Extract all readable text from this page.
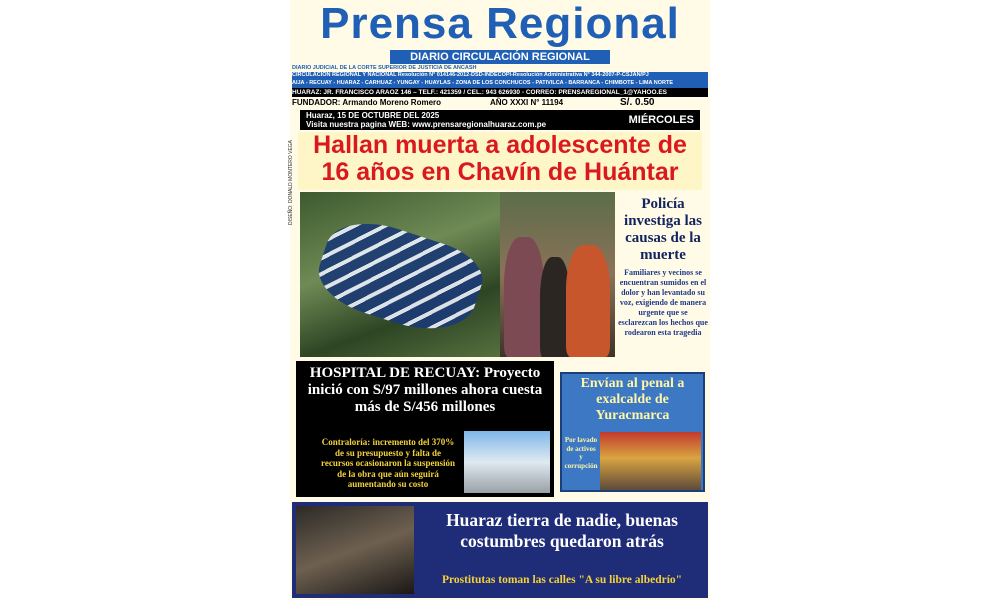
Prensa Regional
DIARIO CIRCULACIÓN REGIONAL
DIARIO JUDICIAL DE LA CORTE SUPERIOR DE JUSTICIA DE ANCASH
CIRCULACIÓN REGIONAL Y NACIONAL Resolución N° 014146-2012-DSD-INDECOPI-Resolución Administrativa N° 344-2007-P-CSJAN/PJ
AIJA - RECUAY - HUARAZ - CARHUAZ - YUNGAY - HUAYLAS - ZONA DE LOS CONCHUCOS - PATIVILCA - BARRANCA - CHIMBOTE - LIMA NORTE
HUARAZ: JR. FRANCISCO ARAOZ 146 – TELF.: 421359 / CEL.: 943 626930 - CORREO: PRENSAREGIONAL_1@YAHOO.ES
FUNDADOR: Armando Moreno Romero	AÑO XXXI N° 11194	S/. 0.50
Huaraz, 15 DE OCTUBRE DEL 2025
Visita nuestra pagina WEB: www.prensaregionalhuaraz.com.pe	MIÉRCOLES
Hallan muerta a adolescente de 16 años en Chavín de Huántar
DISEÑO: DONALD MONTERO VEGA	Policía investiga las causas de la muerte
Familiares y vecinos se encuentran sumidos en el dolor y han levantado su voz, exigiendo de manera urgente que se esclarezcan los hechos que rodearon esta tragedia
HOSPITAL DE RECUAY: Proyecto inició con S/97 millones ahora cuesta más de S/456 millones
Contraloría: incremento del 370% de su presupuesto y falta de recursos ocasionaron la suspensión de la obra que aún seguirá aumentando su costo
Envían al penal a exalcalde de Yuracmarca
Por lavado de activos y corrupción
Huaraz tierra de nadie, buenas costumbres quedaron atrás
Prostitutas toman las calles "A su libre albedrío"
